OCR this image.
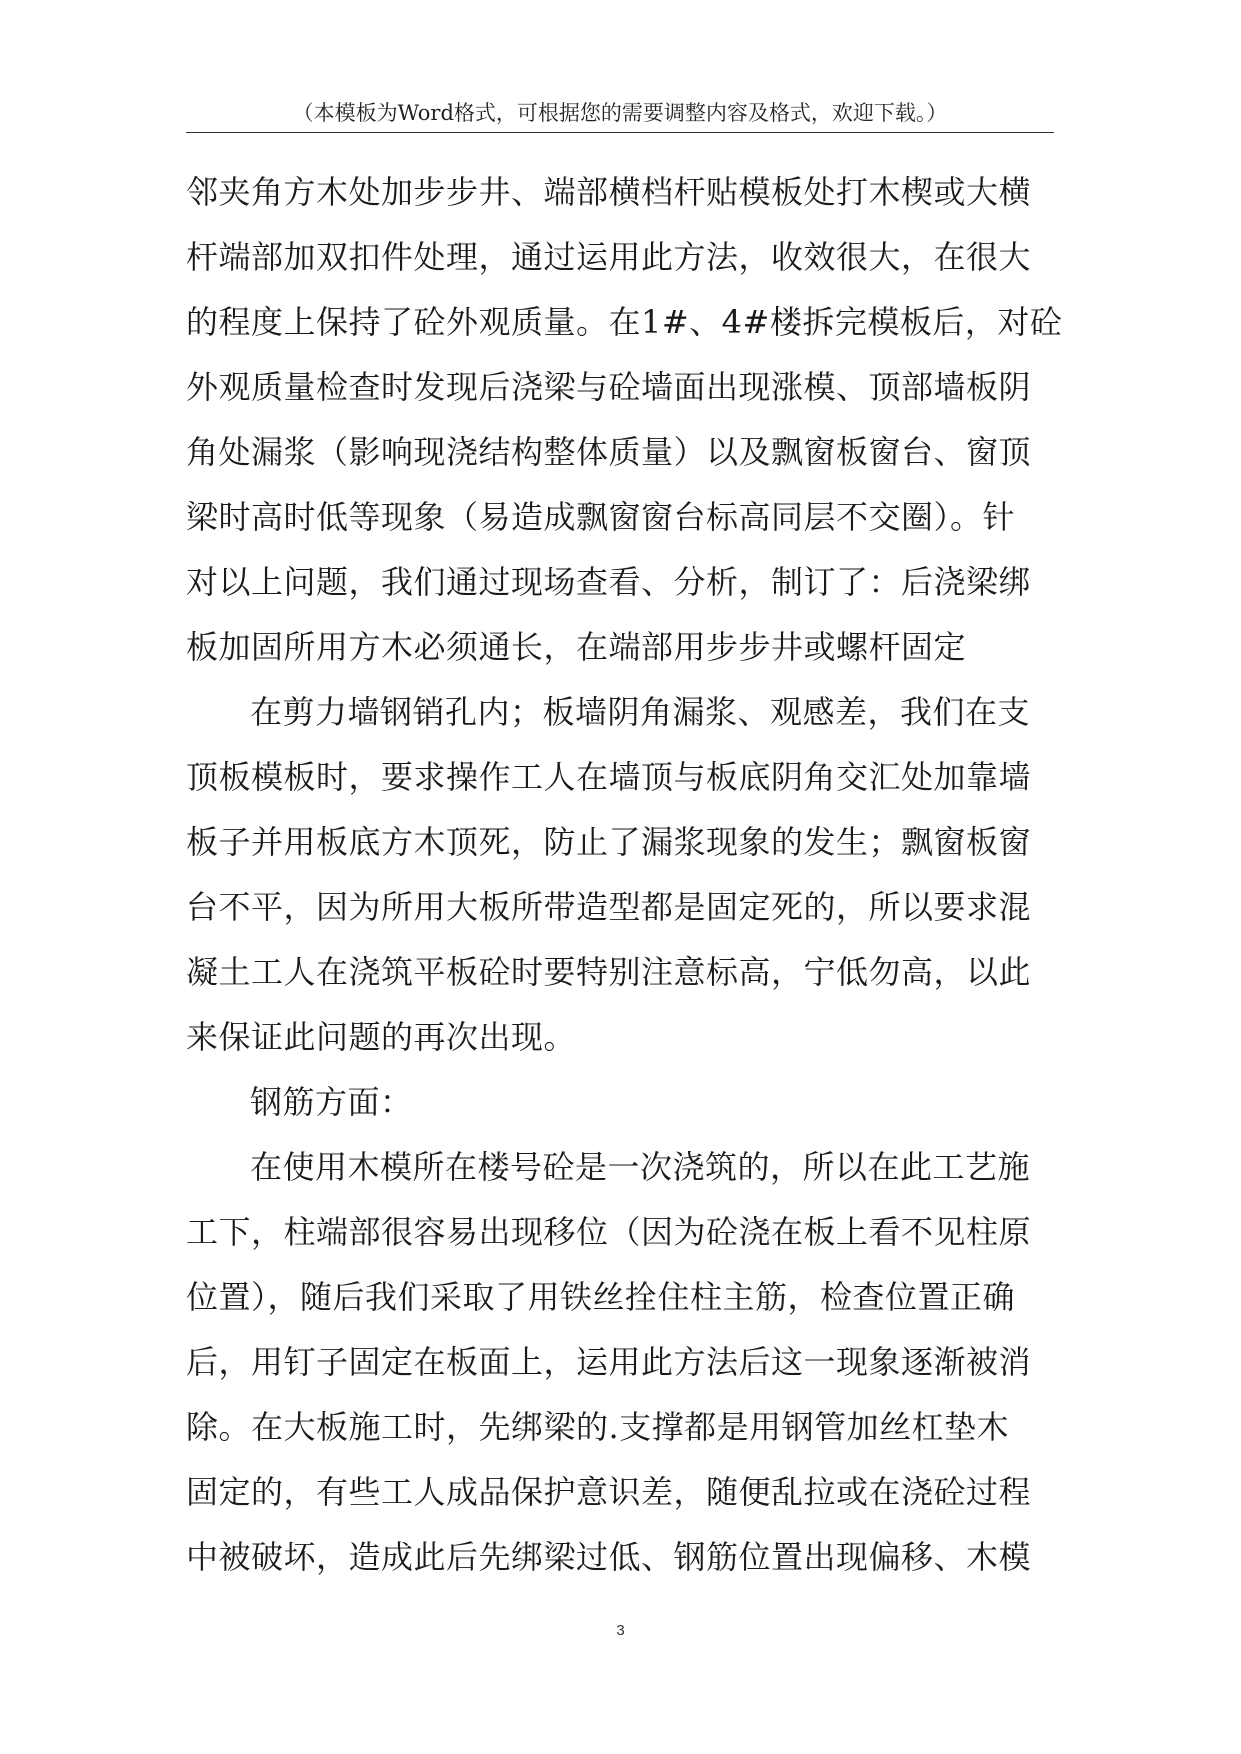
（本模板为Word格式，可根据您的需要调整内容及格式，欢迎下载。）
邻夹角方木处加步步井、端部横档杆贴模板处打木楔或大横
杆端部加双扣件处理，通过运用此方法，收效很大，在很大
的程度上保持了砼外观质量。在1#、4#楼拆完模板后，对砼
外观质量检查时发现后浇梁与砼墙面出现涨模、顶部墙板阴
角处漏浆（影响现浇结构整体质量）以及飘窗板窗台、窗顶
梁时高时低等现象（易造成飘窗窗台标高同层不交圈）。针
对以上问题，我们通过现场查看、分析，制订了：后浇梁绑
板加固所用方木必须通长，在端部用步步井或螺杆固定
在剪力墙钢销孔内；板墙阴角漏浆、观感差，我们在支
顶板模板时，要求操作工人在墙顶与板底阴角交汇处加靠墙
板子并用板底方木顶死，防止了漏浆现象的发生；飘窗板窗
台不平，因为所用大板所带造型都是固定死的，所以要求混
凝土工人在浇筑平板砼时要特别注意标高，宁低勿高，以此
来保证此问题的再次出现。
钢筋方面：
在使用木模所在楼号砼是一次浇筑的，所以在此工艺施
工下，柱端部很容易出现移位（因为砼浇在板上看不见柱原
位置），随后我们采取了用铁丝拴住柱主筋，检查位置正确
后，用钉子固定在板面上，运用此方法后这一现象逐渐被消
除。在大板施工时，先绑梁的.支撑都是用钢管加丝杠垫木
固定的，有些工人成品保护意识差，随便乱拉或在浇砼过程
中被破坏，造成此后先绑梁过低、钢筋位置出现偏移、木模
3
